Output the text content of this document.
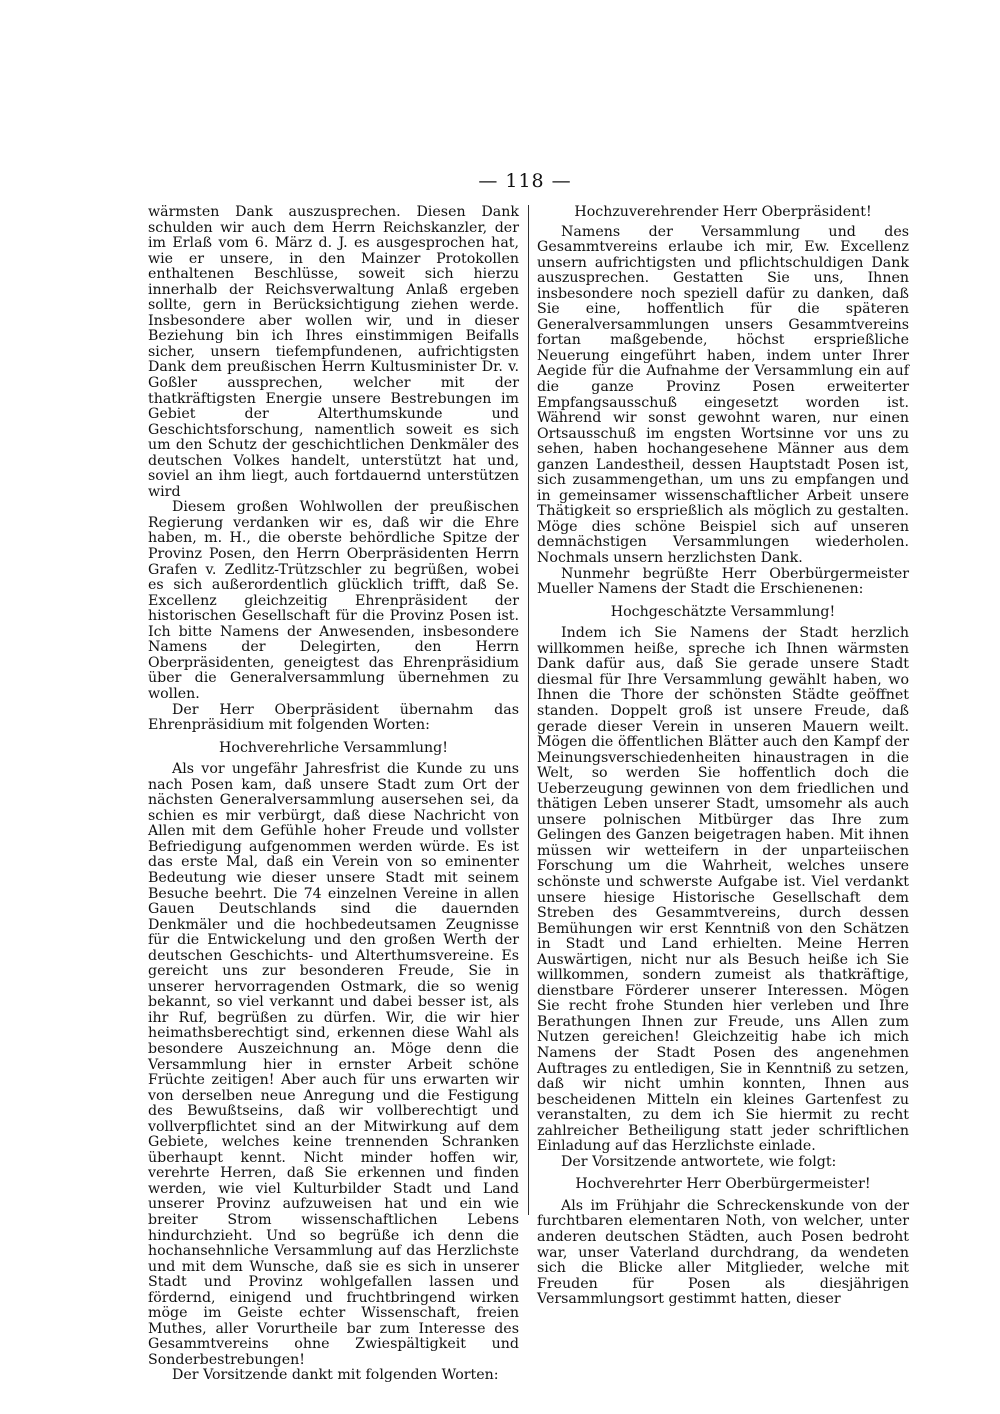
— 118 —

wärmsten Dank auszusprechen. Diesen Dank schulden wir auch dem Herrn Reichskanzler, der im Erlaß vom 6. März d. J. es ausgesprochen hat, wie er unsere, in den Mainzer Protokollen enthaltenen Beschlüsse, soweit sich hierzu innerhalb der Reichsverwaltung Anlaß ergeben sollte, gern in Berücksichtigung ziehen werde. Insbesondere aber wollen wir, und in dieser Beziehung bin ich Ihres einstimmigen Beifalls sicher, unsern tiefempfundenen, aufrichtigsten Dank dem preußischen Herrn Kultusminister Dr. v. Goßler aussprechen, welcher mit der thatkräftigsten Energie unsere Bestrebungen im Gebiet der Alterthumskunde und Geschichtsforschung, namentlich soweit es sich um den Schutz der geschichtlichen Denkmäler des deutschen Volkes handelt, unterstützt hat und, soviel an ihm liegt, auch fortdauernd unterstützen wird

Diesem großen Wohlwollen der preußischen Regierung verdanken wir es, daß wir die Ehre haben, m. H., die oberste behördliche Spitze der Provinz Posen, den Herrn Oberpräsidenten Herrn Grafen v. Zedlitz-Trützschler zu begrüßen, wobei es sich außerordentlich glücklich trifft, daß Se. Excellenz gleichzeitig Ehrenpräsident der historischen Gesellschaft für die Provinz Posen ist. Ich bitte Namens der Anwesenden, insbesondere Namens der Delegirten, den Herrn Oberpräsidenten, geneigtest das Ehrenpräsidium über die Generalversammlung übernehmen zu wollen.

Der Herr Oberpräsident übernahm das Ehrenpräsidium mit folgenden Worten:

Hochverehrliche Versammlung!

Als vor ungefähr Jahresfrist die Kunde zu uns nach Posen kam, daß unsere Stadt zum Ort der nächsten Generalversammlung ausersehen sei, da schien es mir verbürgt, daß diese Nachricht von Allen mit dem Gefühle hoher Freude und vollster Befriedigung aufgenommen werden würde. Es ist das erste Mal, daß ein Verein von so eminenter Bedeutung wie dieser unsere Stadt mit seinem Besuche beehrt. Die 74 einzelnen Vereine in allen Gauen Deutschlands sind die dauernden Denkmäler und die hochbedeutsamen Zeugnisse für die Entwickelung und den großen Werth der deutschen Geschichts- und Alterthumsvereine. Es gereicht uns zur besonderen Freude, Sie in unserer hervorragenden Ostmark, die so wenig bekannt, so viel verkannt und dabei besser ist, als ihr Ruf, begrüßen zu dürfen. Wir, die wir hier heimathsberechtigt sind, erkennen diese Wahl als besondere Auszeichnung an. Möge denn die Versammlung hier in ernster Arbeit schöne Früchte zeitigen! Aber auch für uns erwarten wir von derselben neue Anregung und die Festigung des Bewußtseins, daß wir vollberechtigt und vollverpflichtet sind an der Mitwirkung auf dem Gebiete, welches keine trennenden Schranken überhaupt kennt. Nicht minder hoffen wir, verehrte Herren, daß Sie erkennen und finden werden, wie viel Kulturbilder Stadt und Land unserer Provinz aufzuweisen hat und ein wie breiter Strom wissenschaftlichen Lebens hindurchzieht. Und so begrüße ich denn die hochansehnliche Versammlung auf das Herzlichste und mit dem Wunsche, daß sie es sich in unserer Stadt und Provinz wohlgefallen lassen und fördernd, einigend und fruchtbringend wirken möge im Geiste echter Wissenschaft, freien Muthes, aller Vorurtheile bar zum Interesse des Gesammtvereins ohne Zwiespältigkeit und Sonderbestrebungen!

Der Vorsitzende dankt mit folgenden Worten:

Hochzuverehrender Herr Oberpräsident!

Namens der Versammlung und des Gesammtvereins erlaube ich mir, Ew. Excellenz unsern aufrichtigsten und pflichtschuldigen Dank auszusprechen. Gestatten Sie uns, Ihnen insbesondere noch speziell dafür zu danken, daß Sie eine, hoffentlich für die späteren Generalversammlungen unsers Gesammtvereins fortan maßgebende, höchst ersprießliche Neuerung eingeführt haben, indem unter Ihrer Aegide für die Aufnahme der Versammlung ein auf die ganze Provinz Posen erweiterter Empfangsausschuß eingesetzt worden ist. Während wir sonst gewohnt waren, nur einen Ortsausschuß im engsten Wortsinne vor uns zu sehen, haben hochangesehene Männer aus dem ganzen Landestheil, dessen Hauptstadt Posen ist, sich zusammengethan, um uns zu empfangen und in gemeinsamer wissenschaftlicher Arbeit unsere Thätigkeit so ersprießlich als möglich zu gestalten. Möge dies schöne Beispiel sich auf unseren demnächstigen Versammlungen wiederholen. Nochmals unsern herzlichsten Dank.

Nunmehr begrüßte Herr Oberbürgermeister Mueller Namens der Stadt die Erschienenen:

Hochgeschätzte Versammlung!

Indem ich Sie Namens der Stadt herzlich willkommen heiße, spreche ich Ihnen wärmsten Dank dafür aus, daß Sie gerade unsere Stadt diesmal für Ihre Versammlung gewählt haben, wo Ihnen die Thore der schönsten Städte geöffnet standen. Doppelt groß ist unsere Freude, daß gerade dieser Verein in unseren Mauern weilt. Mögen die öffentlichen Blätter auch den Kampf der Meinungsverschiedenheiten hinaustragen in die Welt, so werden Sie hoffentlich doch die Ueberzeugung gewinnen von dem friedlichen und thätigen Leben unserer Stadt, umsomehr als auch unsere polnischen Mitbürger das Ihre zum Gelingen des Ganzen beigetragen haben. Mit ihnen müssen wir wetteifern in der unparteiischen Forschung um die Wahrheit, welches unsere schönste und schwerste Aufgabe ist. Viel verdankt unsere hiesige Historische Gesellschaft dem Streben des Gesammtvereins, durch dessen Bemühungen wir erst Kenntniß von den Schätzen in Stadt und Land erhielten. Meine Herren Auswärtigen, nicht nur als Besuch heiße ich Sie willkommen, sondern zumeist als thatkräftige, dienstbare Förderer unserer Interessen. Mögen Sie recht frohe Stunden hier verleben und Ihre Berathungen Ihnen zur Freude, uns Allen zum Nutzen gereichen! Gleichzeitig habe ich mich Namens der Stadt Posen des angenehmen Auftrages zu entledigen, Sie in Kenntniß zu setzen, daß wir nicht umhin konnten, Ihnen aus bescheidenen Mitteln ein kleines Gartenfest zu veranstalten, zu dem ich Sie hiermit zu recht zahlreicher Betheiligung statt jeder schriftlichen Einladung auf das Herzlichste einlade.

Der Vorsitzende antwortete, wie folgt:

Hochverehrter Herr Oberbürgermeister!

Als im Frühjahr die Schreckenskunde von der furchtbaren elementaren Noth, von welcher, unter anderen deutschen Städten, auch Posen bedroht war, unser Vaterland durchdrang, da wendeten sich die Blicke aller Mitglieder, welche mit Freuden für Posen als diesjährigen Versammlungsort gestimmt hatten, dieser
